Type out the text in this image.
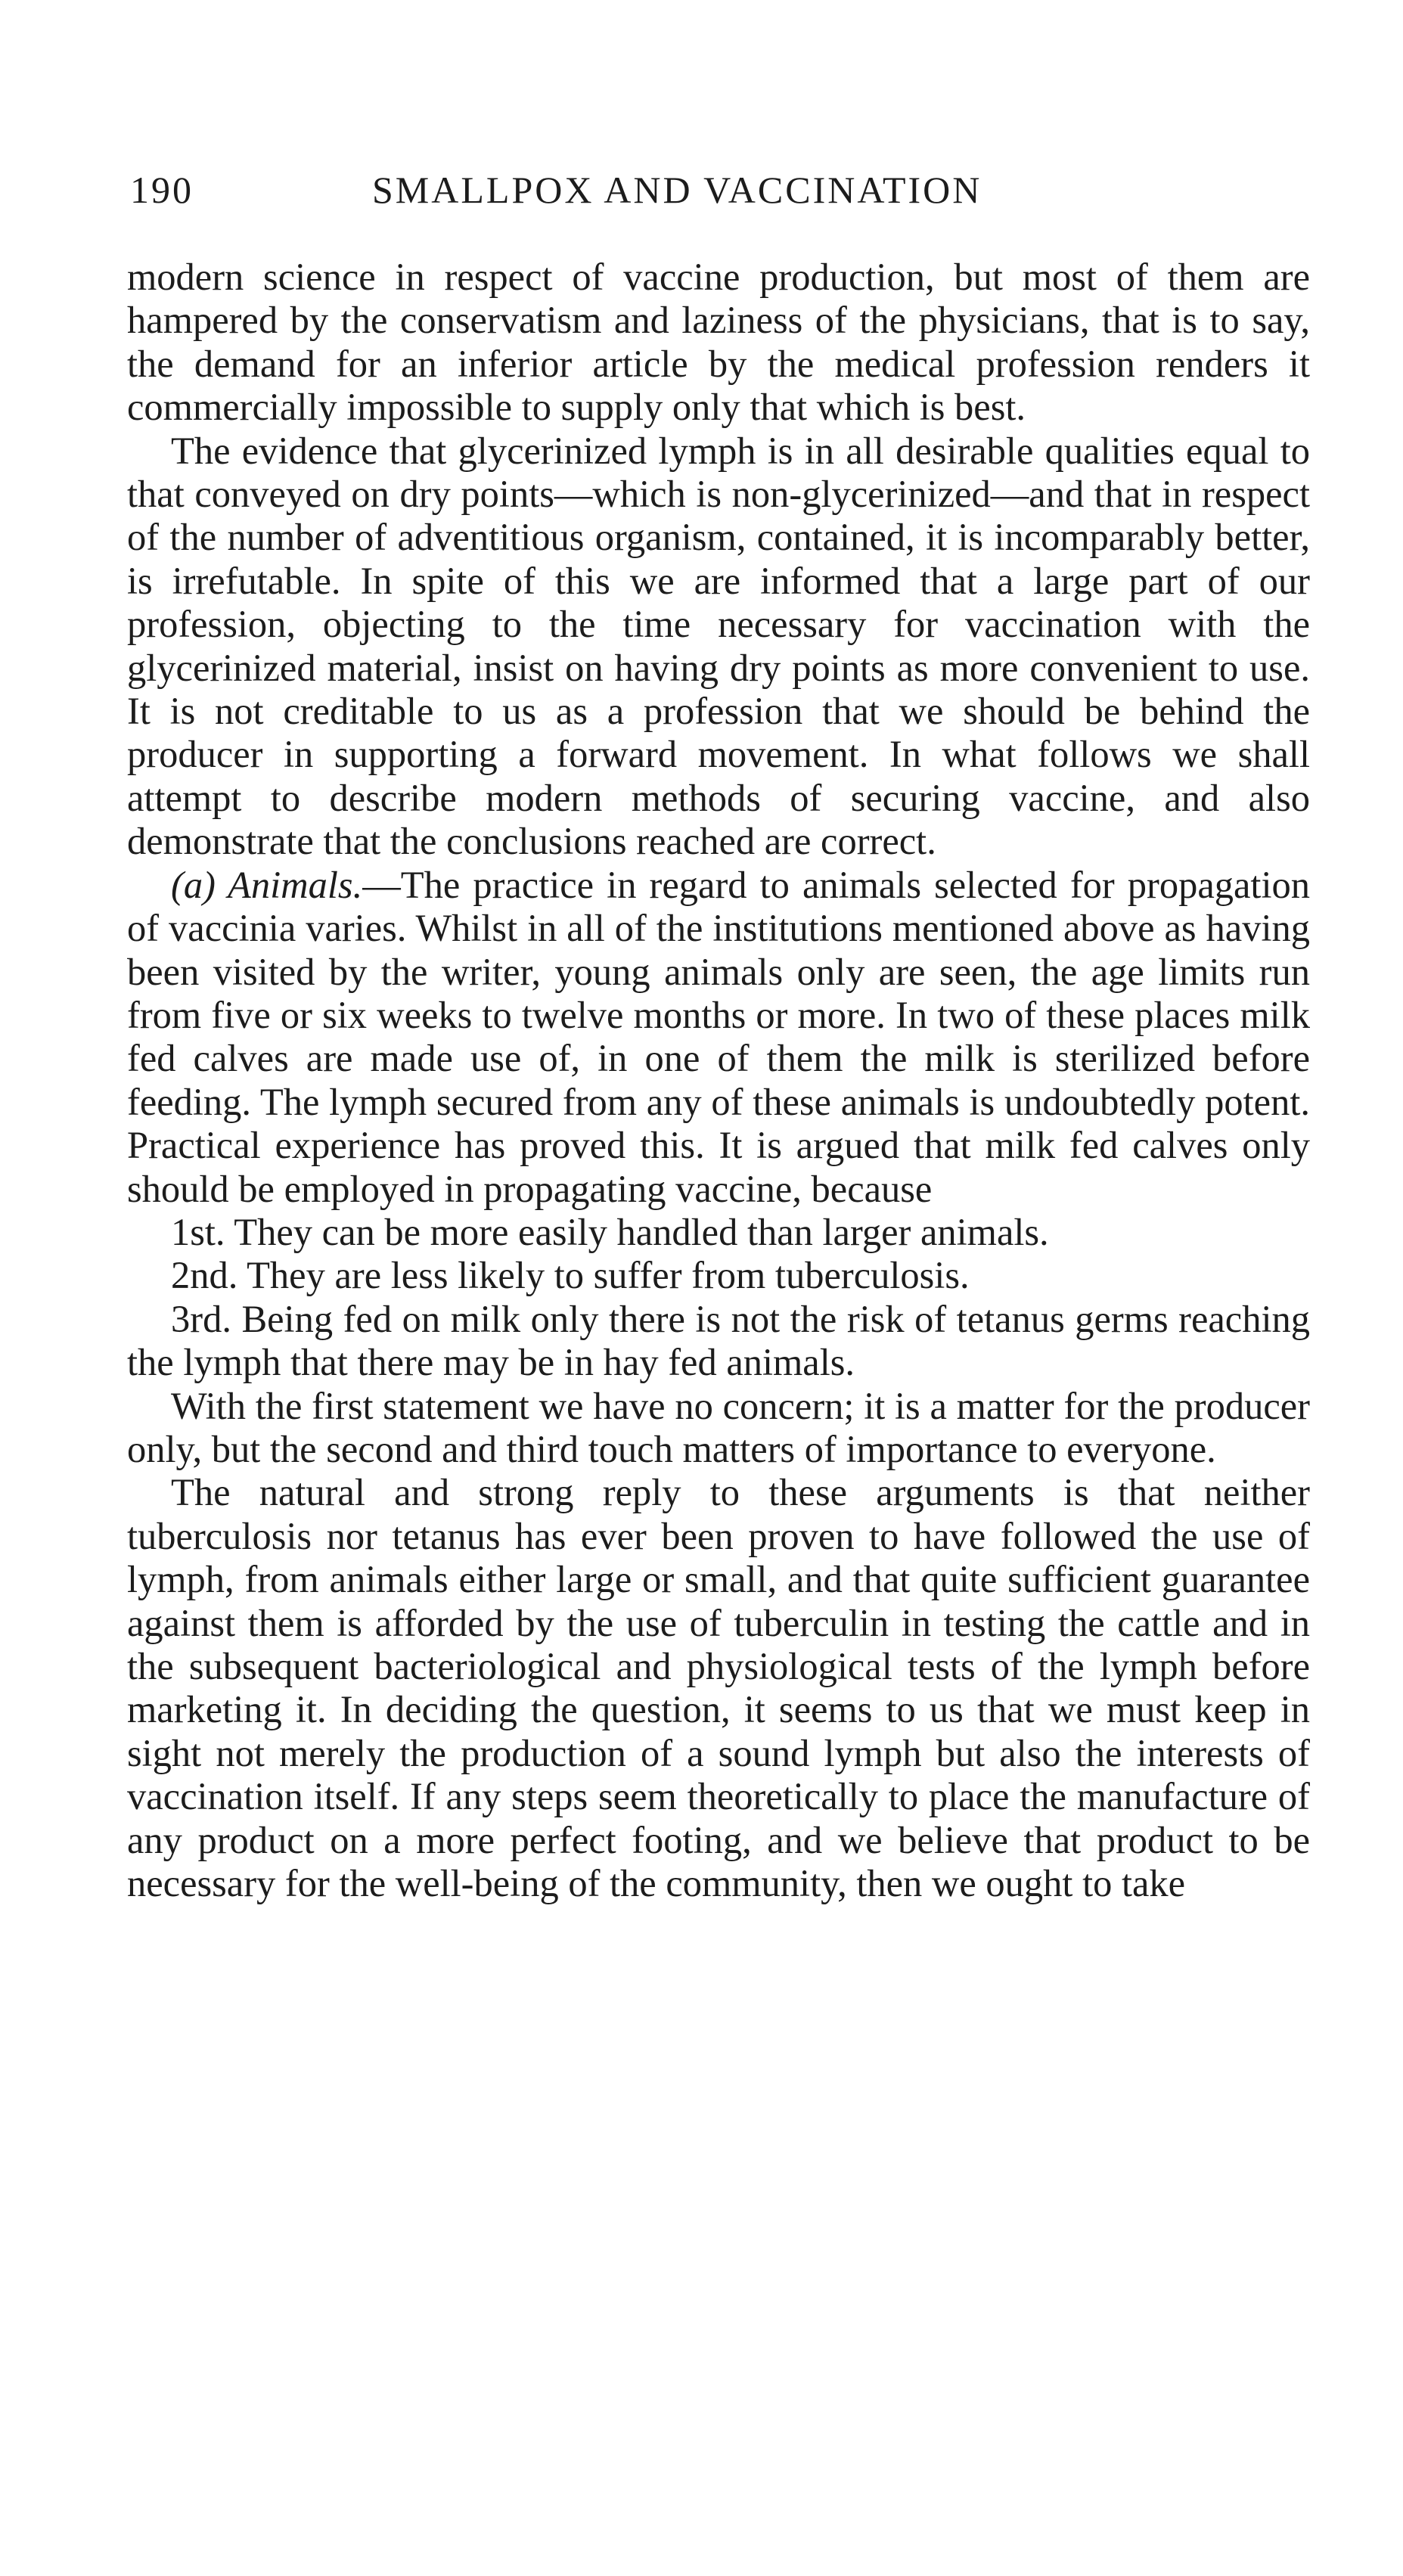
190	SMALLPOX AND VACCINATION

modern science in respect of vaccine production, but most of them are hampered by the conservatism and laziness of the physicians, that is to say, the demand for an inferior article by the medical profession renders it commercially impossible to supply only that which is best.

The evidence that glycerinized lymph is in all desirable qualities equal to that conveyed on dry points—which is non-glycerinized—and that in respect of the number of adventitious organism, contained, it is incomparably better, is irrefutable. In spite of this we are informed that a large part of our profession, objecting to the time necessary for vaccination with the glycerinized material, insist on having dry points as more convenient to use. It is not creditable to us as a profession that we should be behind the producer in supporting a forward movement. In what follows we shall attempt to describe modern methods of securing vaccine, and also demonstrate that the conclusions reached are correct.

(a) Animals.—The practice in regard to animals selected for propagation of vaccinia varies. Whilst in all of the institutions mentioned above as having been visited by the writer, young animals only are seen, the age limits run from five or six weeks to twelve months or more. In two of these places milk fed calves are made use of, in one of them the milk is sterilized before feeding. The lymph secured from any of these animals is undoubtedly potent. Practical experience has proved this. It is argued that milk fed calves only should be employed in propagating vaccine, because

1st. They can be more easily handled than larger animals.

2nd. They are less likely to suffer from tuberculosis.

3rd. Being fed on milk only there is not the risk of tetanus germs reaching the lymph that there may be in hay fed animals.

With the first statement we have no concern; it is a matter for the producer only, but the second and third touch matters of importance to everyone.

The natural and strong reply to these arguments is that neither tuberculosis nor tetanus has ever been proven to have followed the use of lymph, from animals either large or small, and that quite sufficient guarantee against them is afforded by the use of tuberculin in testing the cattle and in the subsequent bacteriological and physiological tests of the lymph before marketing it. In deciding the question, it seems to us that we must keep in sight not merely the production of a sound lymph but also the interests of vaccination itself. If any steps seem theoretically to place the manufacture of any product on a more perfect footing, and we believe that product to be necessary for the well-being of the community, then we ought to take
